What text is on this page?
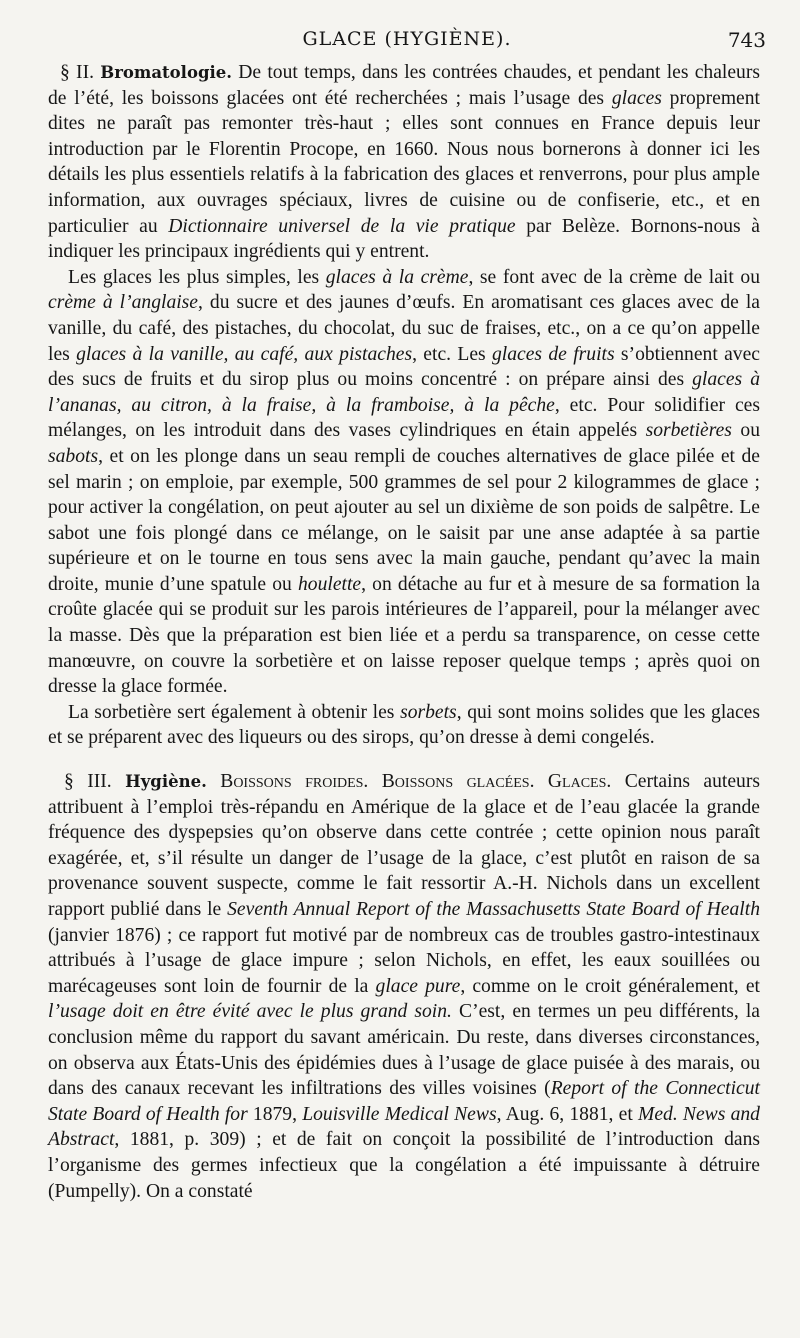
GLACE (HYGIÈNE).	743

§ II. Bromatologie. De tout temps, dans les contrées chaudes, et pendant les chaleurs de l’été, les boissons glacées ont été recherchées ; mais l’usage des glaces proprement dites ne paraît pas remonter très-haut ; elles sont connues en France depuis leur introduction par le Florentin Procope, en 1660. Nous nous bornerons à donner ici les détails les plus essentiels relatifs à la fabrication des glaces et renverrons, pour plus ample information, aux ouvrages spéciaux, livres de cuisine ou de confiserie, etc., et en particulier au Dictionnaire universel de la vie pratique par Belèze. Bornons-nous à indiquer les principaux ingrédients qui y entrent.

Les glaces les plus simples, les glaces à la crème, se font avec de la crème de lait ou crème à l’anglaise, du sucre et des jaunes d’œufs. En aromatisant ces glaces avec de la vanille, du café, des pistaches, du chocolat, du suc de fraises, etc., on a ce qu’on appelle les glaces à la vanille, au café, aux pistaches, etc. Les glaces de fruits s’obtiennent avec des sucs de fruits et du sirop plus ou moins concentré : on prépare ainsi des glaces à l’ananas, au citron, à la fraise, à la framboise, à la pêche, etc. Pour solidifier ces mélanges, on les introduit dans des vases cylindriques en étain appelés sorbetières ou sabots, et on les plonge dans un seau rempli de couches alternatives de glace pilée et de sel marin ; on emploie, par exemple, 500 grammes de sel pour 2 kilogrammes de glace ; pour activer la congélation, on peut ajouter au sel un dixième de son poids de salpêtre. Le sabot une fois plongé dans ce mélange, on le saisit par une anse adaptée à sa partie supérieure et on le tourne en tous sens avec la main gauche, pendant qu’avec la main droite, munie d’une spatule ou houlette, on détache au fur et à mesure de sa formation la croûte glacée qui se produit sur les parois intérieures de l’appareil, pour la mélanger avec la masse. Dès que la préparation est bien liée et a perdu sa transparence, on cesse cette manœuvre, on couvre la sorbetière et on laisse reposer quelque temps ; après quoi on dresse la glace formée.

La sorbetière sert également à obtenir les sorbets, qui sont moins solides que les glaces et se préparent avec des liqueurs ou des sirops, qu’on dresse à demi congelés.

§ III. Hygiène. Boissons froides. Boissons glacées. Glaces. Certains auteurs attribuent à l’emploi très-répandu en Amérique de la glace et de l’eau glacée la grande fréquence des dyspepsies qu’on observe dans cette contrée ; cette opinion nous paraît exagérée, et, s’il résulte un danger de l’usage de la glace, c’est plutôt en raison de sa provenance souvent suspecte, comme le fait ressortir A.-H. Nichols dans un excellent rapport publié dans le Seventh Annual Report of the Massachusetts State Board of Health (janvier 1876) ; ce rapport fut motivé par de nombreux cas de troubles gastro-intestinaux attribués à l’usage de glace impure ; selon Nichols, en effet, les eaux souillées ou marécageuses sont loin de fournir de la glace pure, comme on le croit généralement, et l’usage doit en être évité avec le plus grand soin. C’est, en termes un peu différents, la conclusion même du rapport du savant américain. Du reste, dans diverses circonstances, on observa aux États-Unis des épidémies dues à l’usage de glace puisée à des marais, ou dans des canaux recevant les infiltrations des villes voisines (Report of the Connecticut State Board of Health for 1879, Louisville Medical News, Aug. 6, 1881, et Med. News and Abstract, 1881, p. 309) ; et de fait on conçoit la possibilité de l’introduction dans l’organisme des germes infectieux que la congélation a été impuissante à détruire (Pumpelly). On a constaté
